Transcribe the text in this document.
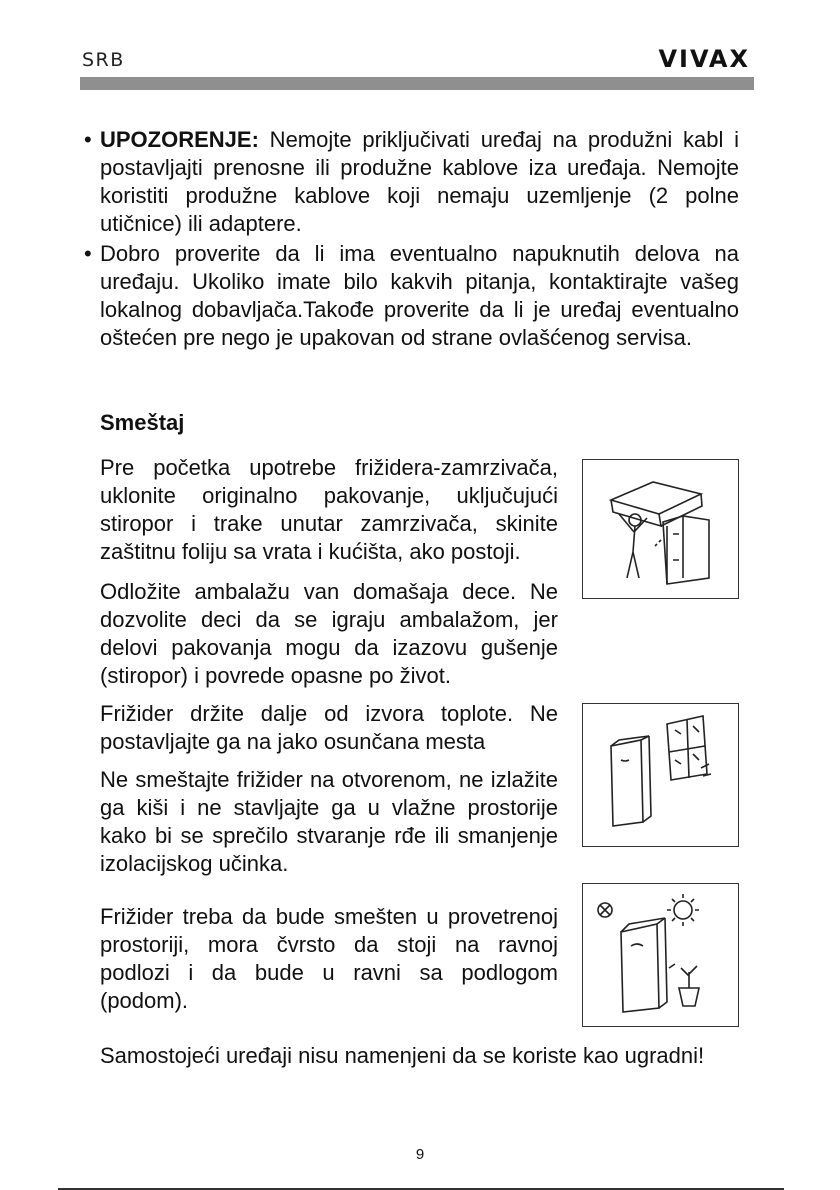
SRB	VIVAX
• UPOZORENJE: Nemojte priključivati uređaj na produžni kabl i postavljajti prenosne ili produžne kablove iza uređaja. Nemojte koristiti produžne kablove koji nemaju uzemljenje (2 polne utičnice) ili adaptere.
• Dobro proverite da li ima eventualno napuknutih delova na uređaju. Ukoliko imate bilo kakvih pitanja, kontaktirajte vašeg lokalnog dobavljača.Takođe proverite da li je uređaj eventualno oštećen pre nego je upakovan od strane ovlašćenog servisa.
Smeštaj

Pre početka upotrebe frižidera-zamrzivača, uklonite originalno pakovanje, uključujući stiropor i trake unutar zamrzivača, skinite zaštitnu foliju sa vrata i kućišta, ako postoji.

Odložite ambalažu van domašaja dece. Ne dozvolite deci da se igraju ambalažom, jer delovi pakovanja mogu da izazovu gušenje (stiropor) i povrede opasne po život.

Frižider držite dalje od izvora toplote. Ne postavljajte ga na jako osunčana mesta

Ne smeštajte frižider na otvorenom, ne izlažite ga kiši i ne stavljajte ga u vlažne prostorije kako bi se sprečilo stvaranje rđe ili smanjenje izolacijskog učinka.

Frižider treba da bude smešten u provetrenoj prostoriji, mora čvrsto da stoji na ravnoj podlozi i da bude u ravni sa podlogom (podom).

Samostojeći uređaji nisu namenjeni da se koriste kao ugradni!

9
